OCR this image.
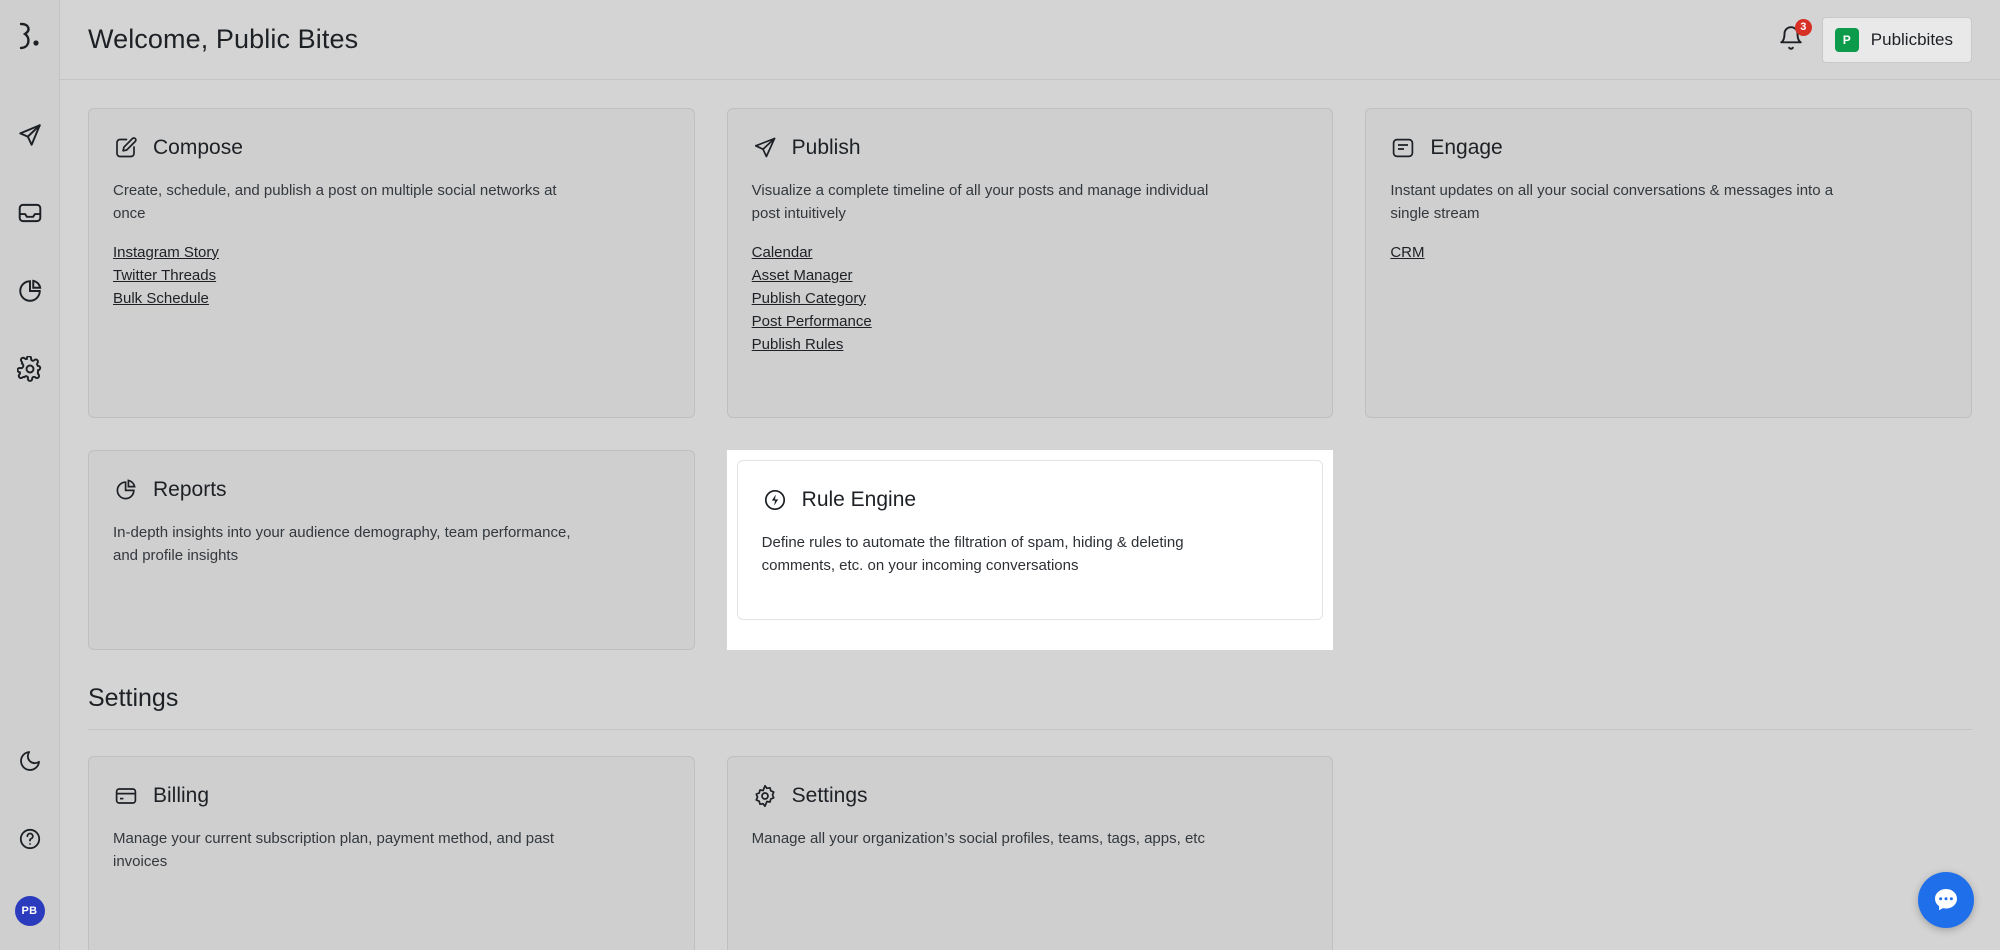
PB
Welcome, Public Bites	3
P	Publicbites
Compose
Create, schedule, and publish a post on multiple social networks at once
Instagram Story
Twitter Threads
Bulk Schedule
Publish
Visualize a complete timeline of all your posts and manage individual post intuitively
Calendar
Asset Manager
Publish Category
Post Performance
Publish Rules
Engage
Instant updates on all your social conversations & messages into a single stream
CRM
Reports
In-depth insights into your audience demography, team performance, and profile insights
Rule Engine
Define rules to automate the filtration of spam, hiding & deleting comments, etc. on your incoming conversations
Settings
Billing
Manage your current subscription plan, payment method, and past invoices
Settings
Manage all your organization’s social profiles, teams, tags, apps, etc
